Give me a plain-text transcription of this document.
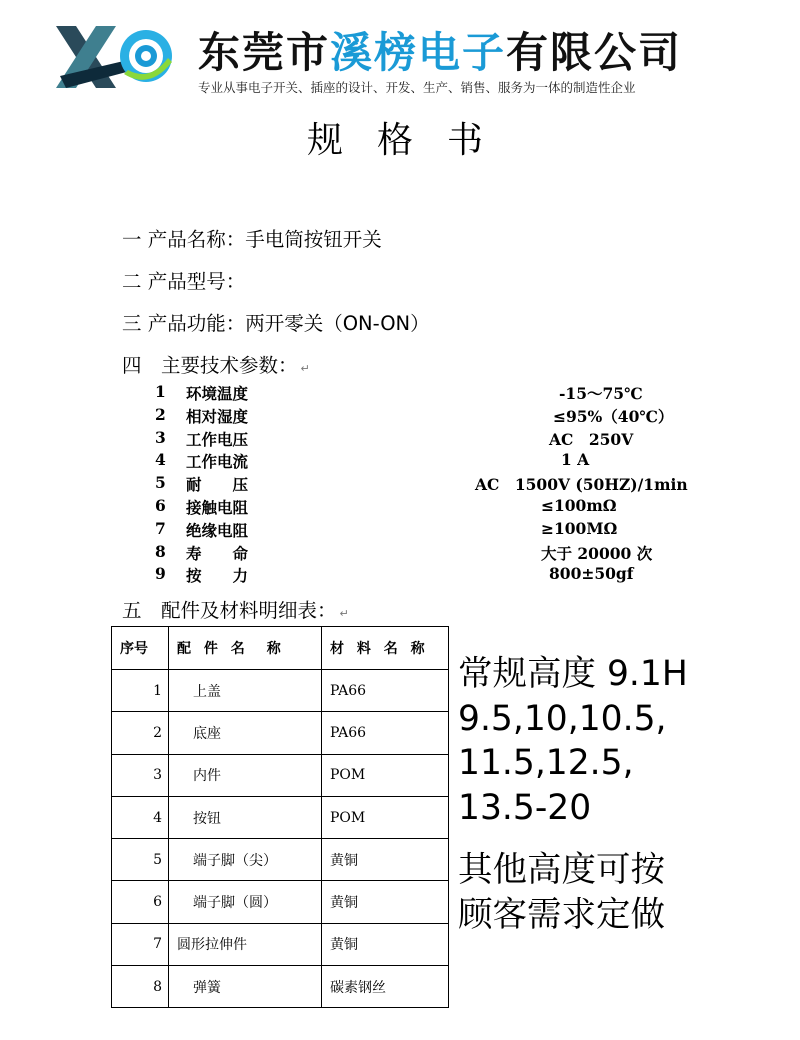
东莞市溪榜电子有限公司
专业从事电子开关、插座的设计、开发、生产、销售、服务为一体的制造性企业
规格书
一 产品名称：手电筒按钮开关
二 产品型号：
三 产品功能：两开零关（ON-ON）
四　主要技术参数： ↵
1 环境温度	-15～75℃
2 相对湿度	≤95%（40℃）
3 工作电压	AC　250V
4 工作电流	1 A
5 耐　　压	AC　1500V (50HZ)/1min
6 接触电阻	≤100mΩ
7 绝缘电阻	≥100MΩ
8 寿　　命	大于 20000 次
9 按　　力	800±50gf
五　配件及材料明细表： ↵
序号	配 件 名　称	材 料 名 称
1	上盖	PA66
2	底座	PA66
3	内件	POM
4	按钮	POM
5	端子脚（尖）	黄铜
6	端子脚（圆）	黄铜
7	圆形拉伸件	黄铜
8	弹簧	碳素钢丝
常规高度 9.1H
9.5,10,10.5,
11.5,12.5,
13.5-20
其他高度可按
顾客需求定做
